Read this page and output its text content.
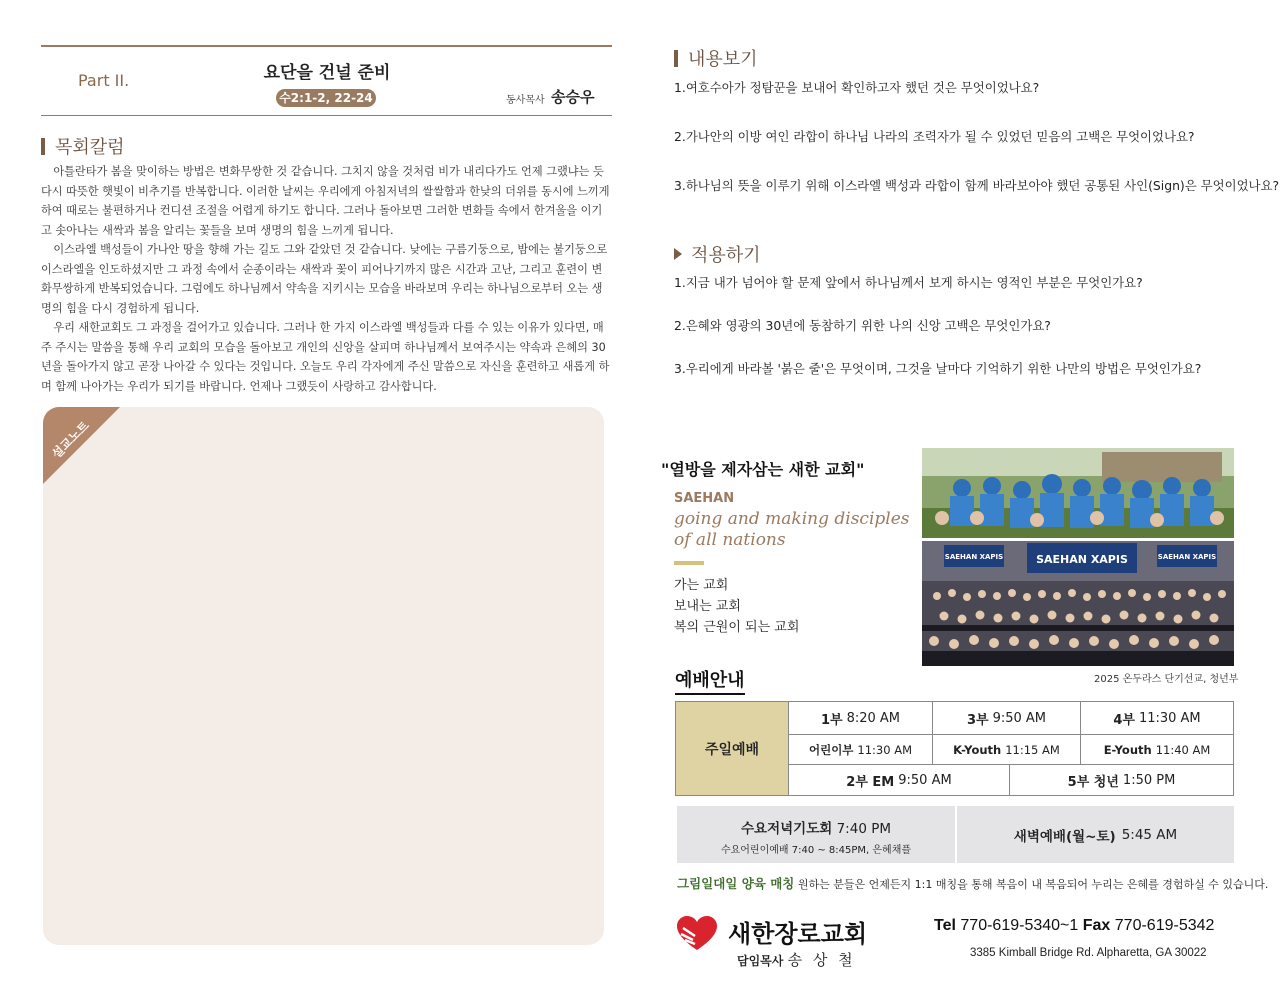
Part II.	요단을 건널 준비
수2:1-2, 22-24	동사목사 송승우
목회칼럼

아틀란타가 봄을 맞이하는 방법은 변화무쌍한 것 같습니다. 그치지 않을 것처럼 비가 내리다가도 언제 그랬냐는 듯 다시 따뜻한 햇빛이 비추기를 반복합니다. 이러한 날씨는 우리에게 아침저녁의 쌀쌀함과 한낮의 더위를 동시에 느끼게 하여 때로는 불편하거나 컨디션 조절을 어렵게 하기도 합니다. 그러나 돌아보면 그러한 변화들 속에서 한겨울을 이기고 솟아나는 새싹과 봄을 알리는 꽃들을 보며 생명의 힘을 느끼게 됩니다.

이스라엘 백성들이 가나안 땅을 향해 가는 길도 그와 같았던 것 같습니다. 낮에는 구름기둥으로, 밤에는 불기둥으로 이스라엘을 인도하셨지만 그 과정 속에서 순종이라는 새싹과 꽃이 피어나기까지 많은 시간과 고난, 그리고 훈련이 변화무쌍하게 반복되었습니다. 그럼에도 하나님께서 약속을 지키시는 모습을 바라보며 우리는 하나님으로부터 오는 생명의 힘을 다시 경험하게 됩니다.

우리 새한교회도 그 과정을 걸어가고 있습니다. 그러나 한 가지 이스라엘 백성들과 다를 수 있는 이유가 있다면, 매주 주시는 말씀을 통해 우리 교회의 모습을 돌아보고 개인의 신앙을 살피며 하나님께서 보여주시는 약속과 은혜의 30년을 돌아가지 않고 곧장 나아갈 수 있다는 것입니다. 오늘도 우리 각자에게 주신 말씀으로 자신을 훈련하고 새롭게 하며 함께 나아가는 우리가 되기를 바랍니다. 언제나 그랬듯이 사랑하고 감사합니다.

설교노트
내용보기
1.여호수아가 정탐꾼을 보내어 확인하고자 했던 것은 무엇이었나요?
2.가나안의 이방 여인 라합이 하나님 나라의 조력자가 될 수 있었던 믿음의 고백은 무엇이었나요?
3.하나님의 뜻을 이루기 위해 이스라엘 백성과 라합이 함께 바라보아야 했던 공통된 사인(Sign)은 무엇이었나요?
적용하기
1.지금 내가 넘어야 할 문제 앞에서 하나님께서 보게 하시는 영적인 부분은 무엇인가요?
2.은혜와 영광의 30년에 동참하기 위한 나의 신앙 고백은 무엇인가요?
3.우리에게 바라볼 '붉은 줄'은 무엇이며, 그것을 날마다 기억하기 위한 나만의 방법은 무엇인가요?
"열방을 제자삼는 새한 교회"
SAEHAN
going and making disciples
of all nations
가는 교회
보내는 교회
복의 근원이 되는 교회
SAEHAN XAPIS	SAEHAN XAPIS	SAEHAN XAPIS
2025 온두라스 단기선교, 청년부
예배안내
주일예배
1부 8:20 AM	3부 9:50 AM	4부 11:30 AM
어린이부 11:30 AM	K-Youth 11:15 AM	E-Youth 11:40 AM
2부 EM 9:50 AM	5부 청년 1:50 PM
수요저녁기도회 7:40 PM
수요어린이예배 7:40 ~ 8:45PM, 은혜채플
새벽예배(월~토) 5:45 AM
그림일대일 양육 매칭 원하는 분들은 언제든지 1:1 매칭을 통해 복음이 내 복음되어 누리는 은혜를 경험하실 수 있습니다.
새한장로교회
담임목사 송 상 철
Tel 770-619-5340~1 Fax 770-619-5342
3385 Kimball Bridge Rd. Alpharetta, GA 30022
